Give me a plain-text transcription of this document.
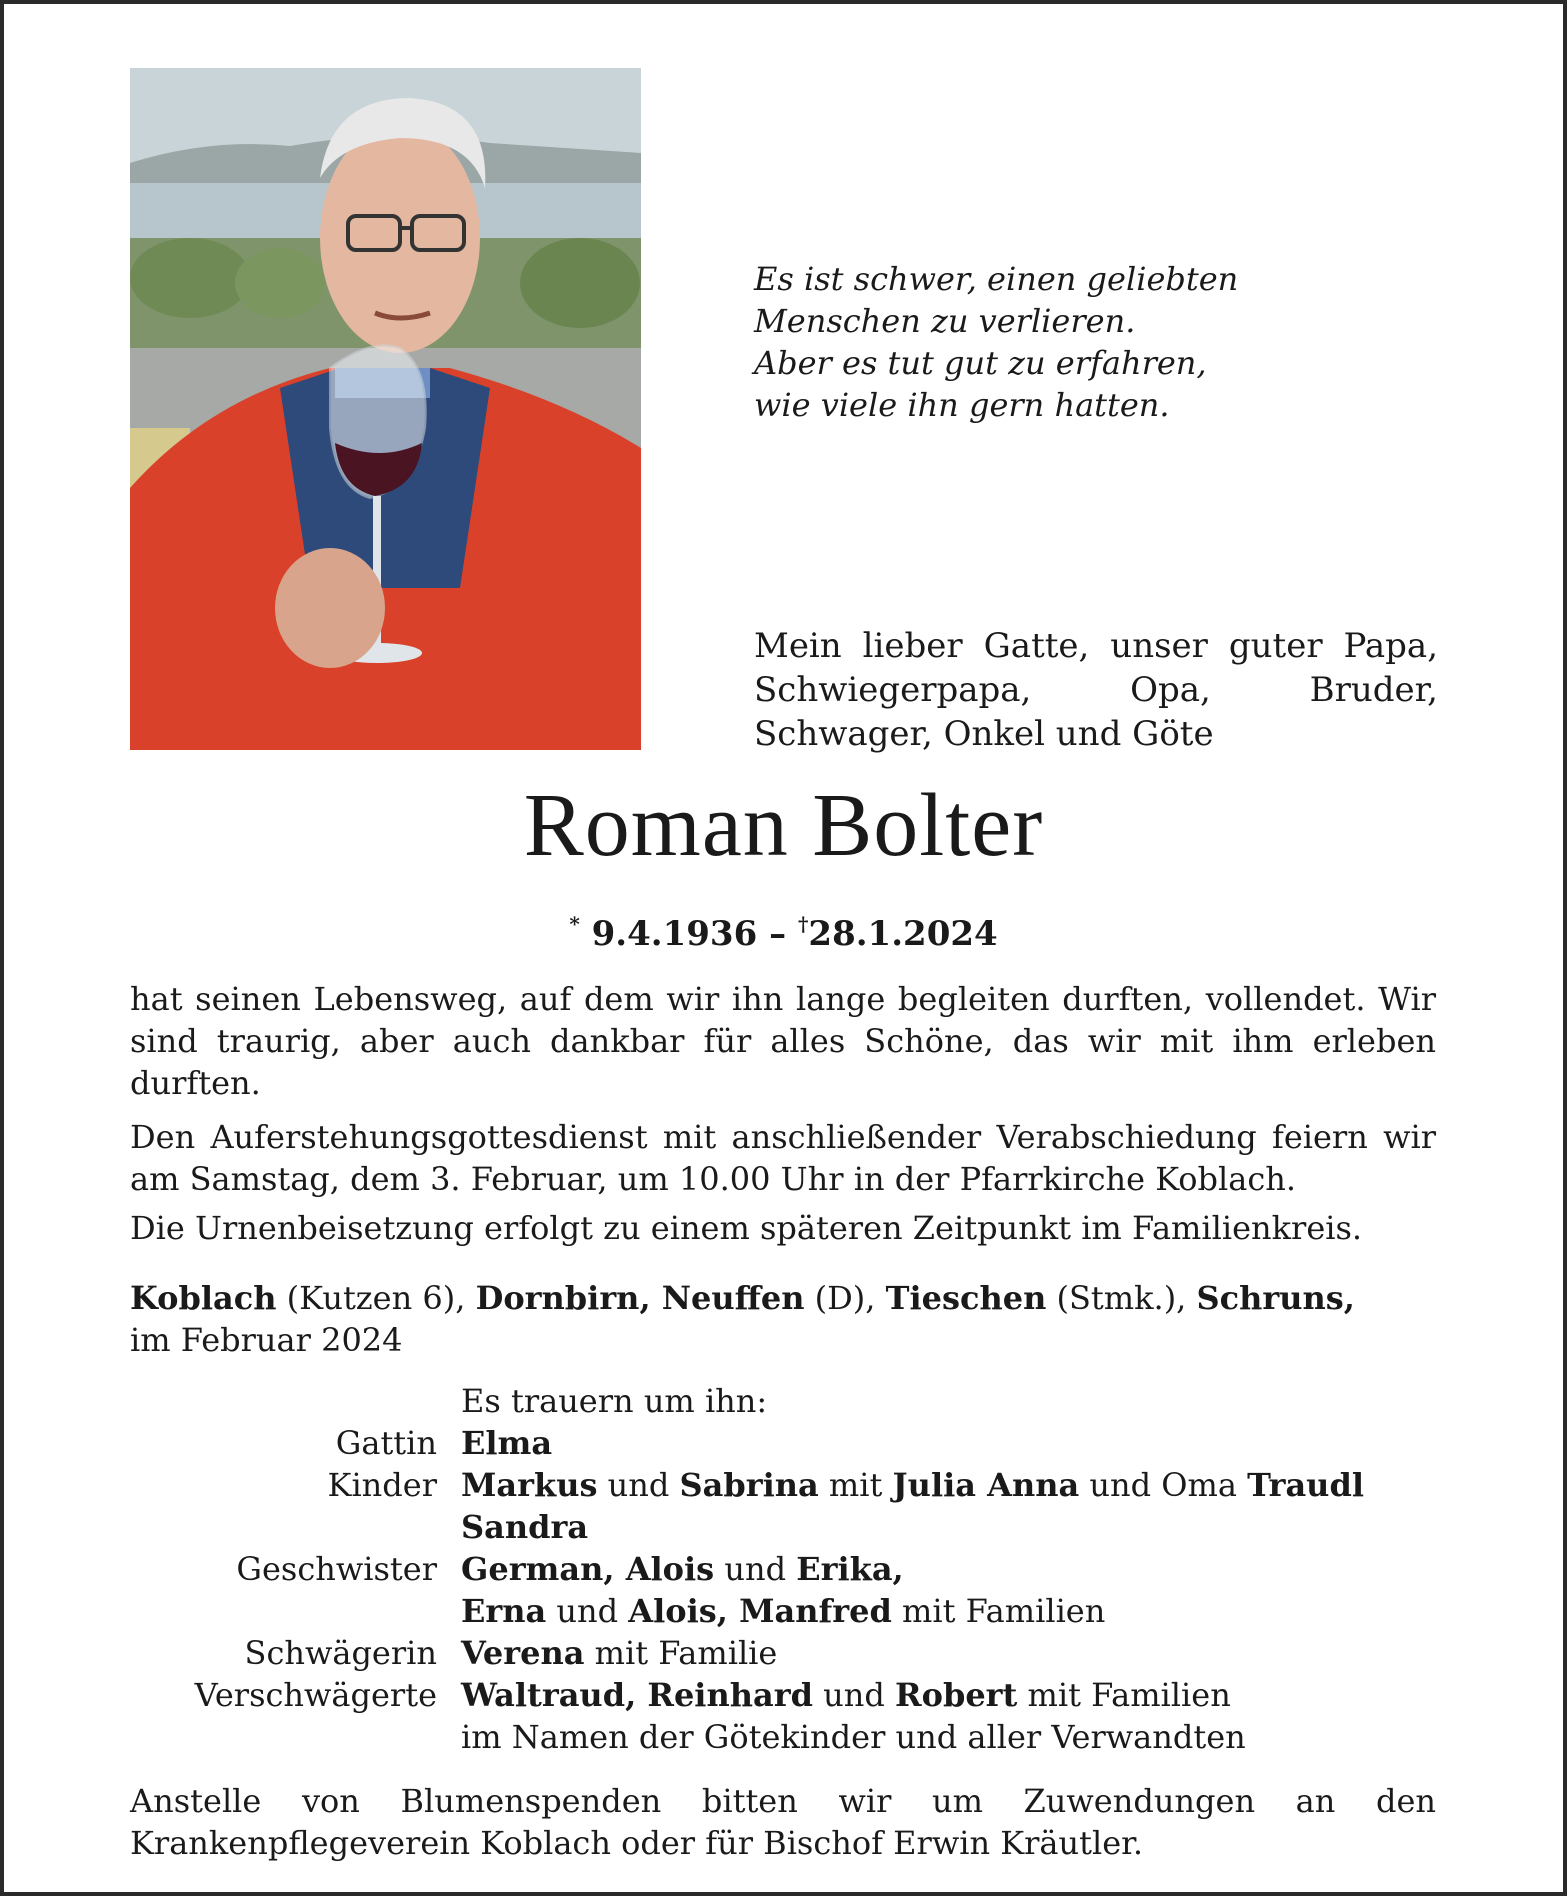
Es ist schwer, einen geliebten
Menschen zu verlieren.
Aber es tut gut zu erfahren,
wie viele ihn gern hatten.

Mein lieber Gatte, unser guter Papa, Schwiegerpapa, Opa, Bruder, Schwager, Onkel und Göte

Roman Bolter
* 9.4.1936 – †28.1.2024

hat seinen Lebensweg, auf dem wir ihn lange begleiten durften, vollendet. Wir sind traurig, aber auch dankbar für alles Schöne, das wir mit ihm erleben durften.

Den Auferstehungsgottesdienst mit anschließender Verabschiedung feiern wir am Samstag, dem 3. Februar, um 10.00 Uhr in der Pfarrkirche Koblach.

Die Urnenbeisetzung erfolgt zu einem späteren Zeitpunkt im Familienkreis.

Koblach (Kutzen 6), Dornbirn, Neuffen (D), Tieschen (Stmk.), Schruns,
im Februar 2024

Es trauern um ihn:
Gattin Elma
Kinder Markus und Sabrina mit Julia Anna und Oma Traudl
Sandra
Geschwister German, Alois und Erika,
Erna und Alois, Manfred mit Familien
Schwägerin Verena mit Familie
Verschwägerte Waltraud, Reinhard und Robert mit Familien
im Namen der Götekinder und aller Verwandten

Anstelle von Blumenspenden bitten wir um Zuwendungen an den Krankenpflegeverein Koblach oder für Bischof Erwin Kräutler.
